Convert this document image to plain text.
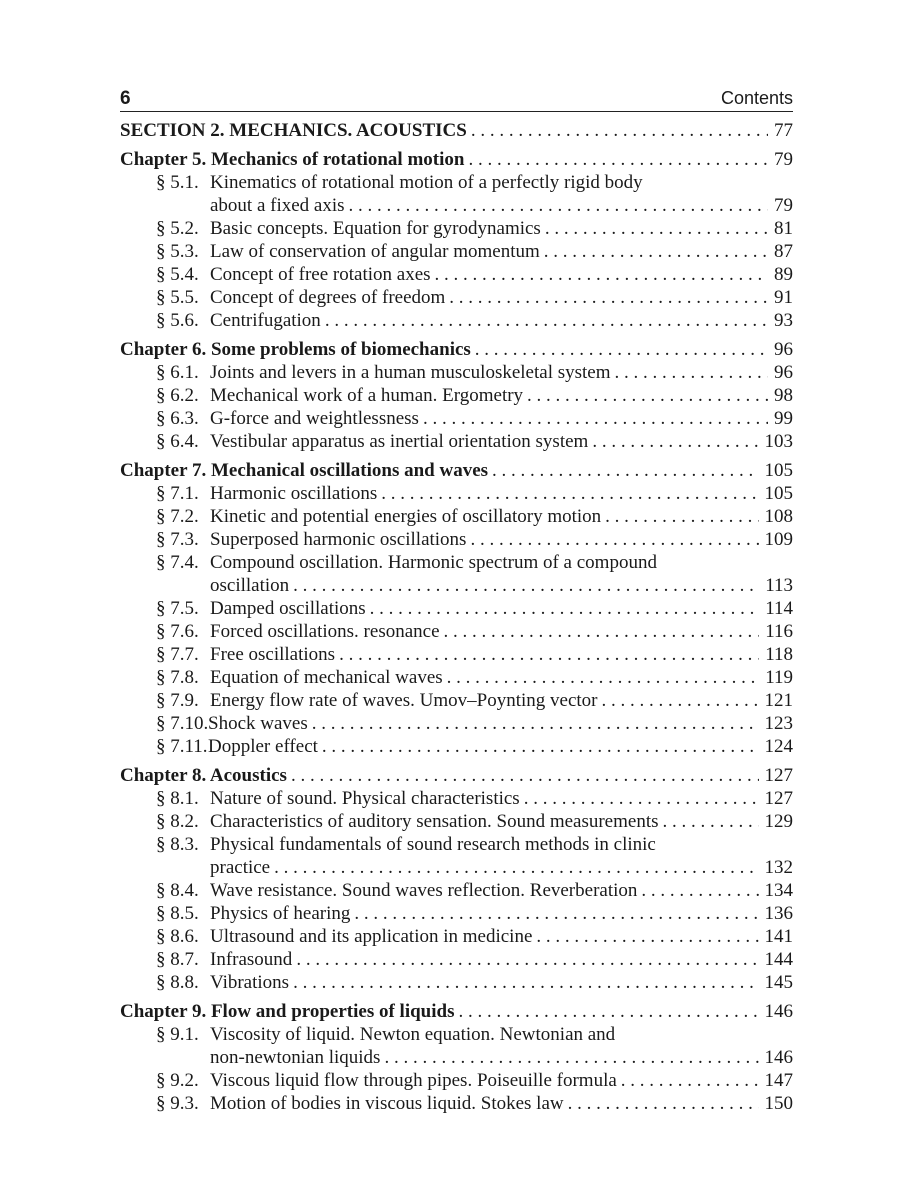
6	Contents
SECTION 2. MECHANICS. ACOUSTICS . . .	77
Chapter 5. Mechanics of rotational motion . . .	79
§ 5.1. Kinematics of rotational motion of a perfectly rigid body
about a fixed axis . . .	79
§ 5.2. Basic concepts. Equation for gyrodynamics . . .	81
§ 5.3. Law of conservation of angular momentum . . .	87
§ 5.4. Concept of free rotation axes . . .	89
§ 5.5. Concept of degrees of freedom . . .	91
§ 5.6. Centrifugation . . .	93
Chapter 6. Some problems of biomechanics . . .	96
§ 6.1. Joints and levers in a human musculoskeletal system . . .	96
§ 6.2. Mechanical work of a human. Ergometry . . .	98
§ 6.3. G-force and weightlessness . . .	99
§ 6.4. Vestibular apparatus as inertial orientation system . . .	103
Chapter 7. Mechanical oscillations and waves . . .	105
§ 7.1. Harmonic oscillations . . .	105
§ 7.2. Kinetic and potential energies of oscillatory motion . . .	108
§ 7.3. Superposed harmonic oscillations . . .	109
§ 7.4. Compound oscillation. Harmonic spectrum of a compound
oscillation . . .	113
§ 7.5. Damped oscillations . . .	114
§ 7.6. Forced oscillations. resonance . . .	116
§ 7.7. Free oscillations . . .	118
§ 7.8. Equation of mechanical waves . . .	119
§ 7.9. Energy flow rate of waves. Umov–Poynting vector . . .	121
§ 7.10. Shock waves . . .	123
§ 7.11. Doppler effect . . .	124
Chapter 8. Acoustics . . .	127
§ 8.1. Nature of sound. Physical characteristics . . .	127
§ 8.2. Characteristics of auditory sensation. Sound measurements . . .	129
§ 8.3. Physical fundamentals of sound research methods in clinic
practice . . .	132
§ 8.4. Wave resistance. Sound waves reflection. Reverberation . . .	134
§ 8.5. Physics of hearing . . .	136
§ 8.6. Ultrasound and its application in medicine . . .	141
§ 8.7. Infrasound . . .	144
§ 8.8. Vibrations . . .	145
Chapter 9. Flow and properties of liquids . . .	146
§ 9.1. Viscosity of liquid. Newton equation. Newtonian and
non-newtonian liquids . . .	146
§ 9.2. Viscous liquid flow through pipes. Poiseuille formula . . .	147
§ 9.3. Motion of bodies in viscous liquid. Stokes law . . .	150
